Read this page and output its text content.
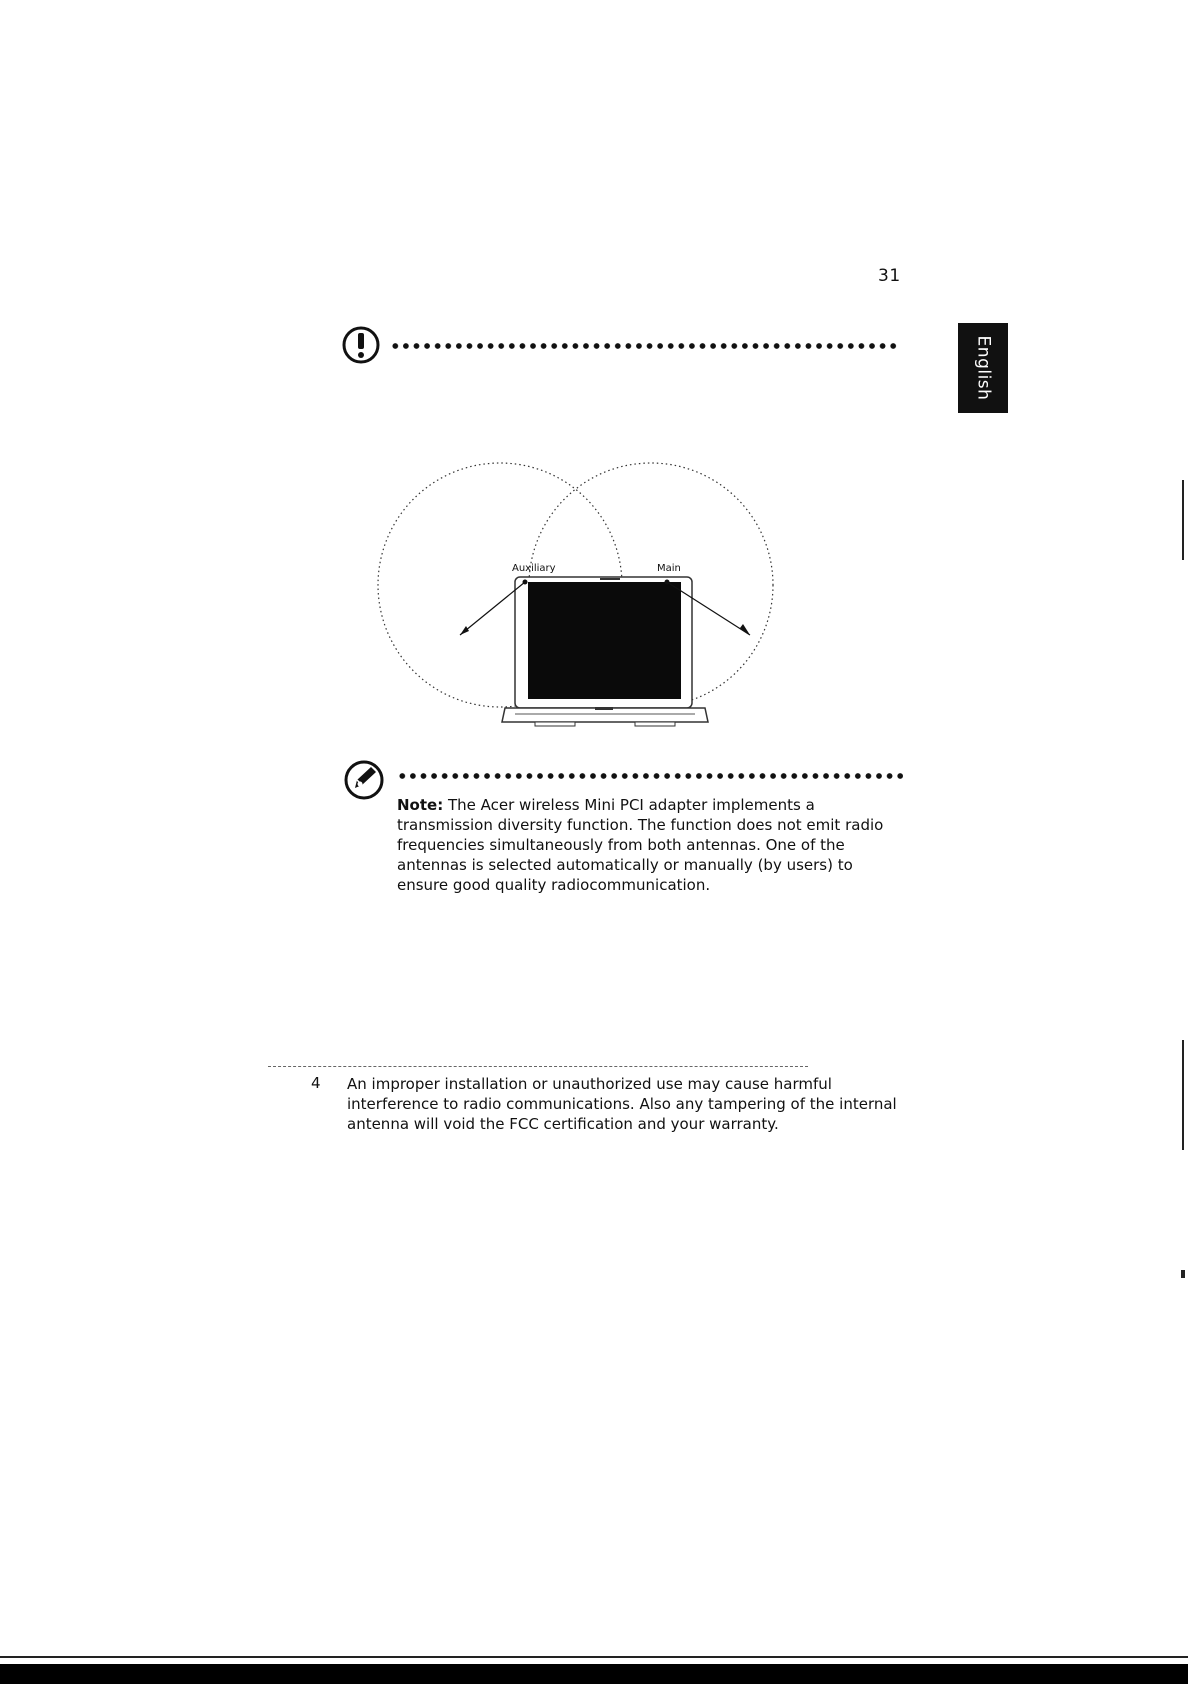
31
English
Auxiliary	Main

Note: The Acer wireless Mini PCI adapter implements a transmission diversity function. The function does not emit radio frequencies simultaneously from both antennas. One of the antennas is selected automatically or manually (by users) to ensure good quality radiocommunication.

4 An improper installation or unauthorized use may cause harmful interference to radio communications. Also any tampering of the internal antenna will void the FCC certification and your warranty.
